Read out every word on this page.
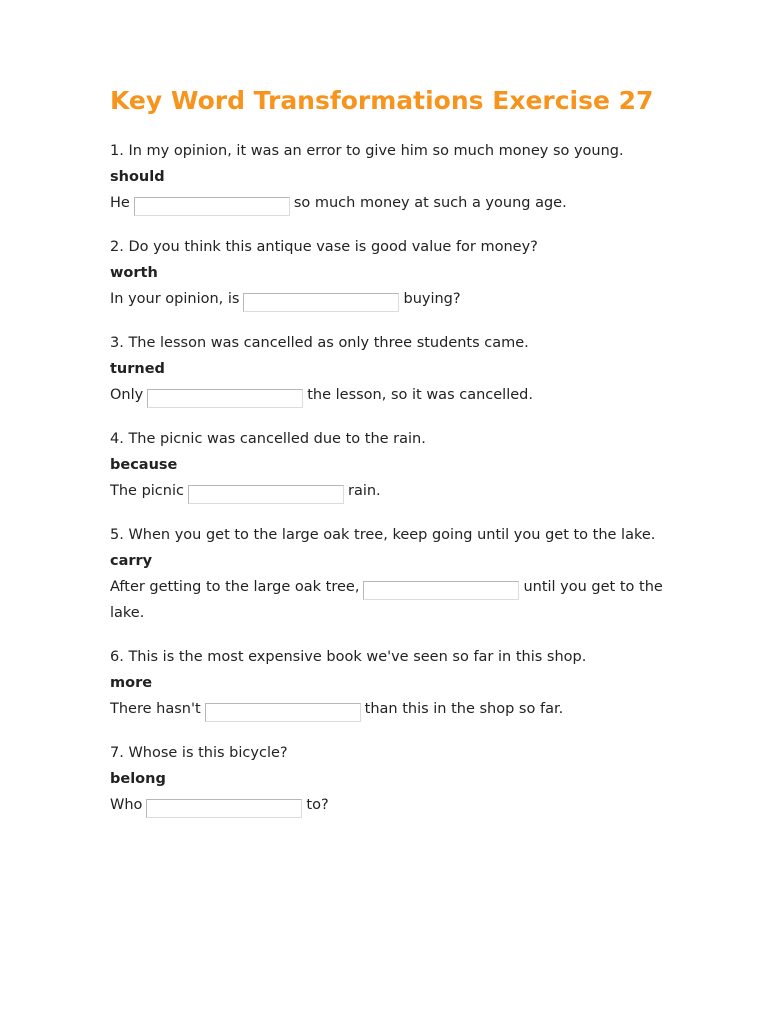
Key Word Transformations Exercise 27

1. In my opinion, it was an error to give him so much money so young.

should

He	so much money at such a young age.

2. Do you think this antique vase is good value for money?

worth

In your opinion, is	buying?

3. The lesson was cancelled as only three students came.

turned

Only	the lesson, so it was cancelled.

4. The picnic was cancelled due to the rain.

because

The picnic	rain.

5. When you get to the large oak tree, keep going until you get to the lake.

carry

After getting to the large oak tree,	until you get to the lake.

6. This is the most expensive book we've seen so far in this shop.

more

There hasn't	than this in the shop so far.

7. Whose is this bicycle?

belong

Who	to?
